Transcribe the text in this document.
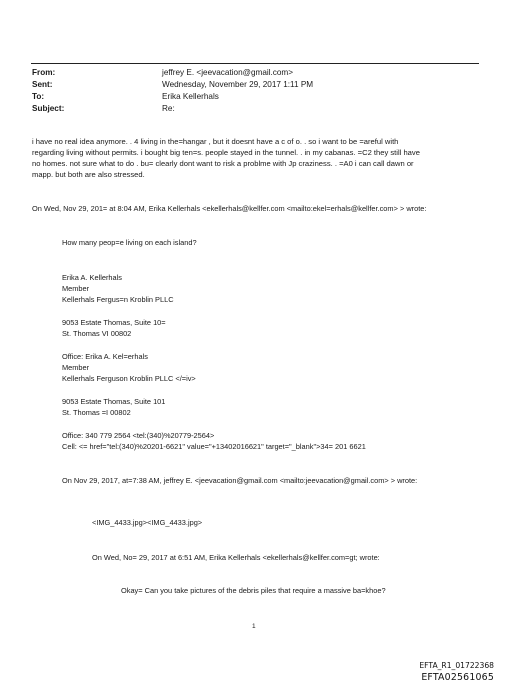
From:	jeffrey E. <jeevacation@gmail.com>
Sent:	Wednesday, November 29, 2017 1:11 PM
To:	Erika Kellerhals
Subject:	Re:
i have no real idea anymore. . 4 living in the=hangar , but it doesnt have a c of o. . so i want to be =areful with
regarding living without permits. i bought big ten=s. people stayed in the tunnel. . in my cabanas. =C2 they still have
no homes. not sure what to do . bu= clearly dont want to risk a problme with Jp craziness. . =A0 i can call dawn or
mapp. but both are also stressed.
On Wed, Nov 29, 201= at 8:04 AM, Erika Kellerhals <ekellerhals@kellfer.com <mailto:ekel=erhals@kellfer.com> > wrote:
How many peop=e living on each island?
Erika A. Kellerhals
Member
Kellerhals Fergus=n Kroblin PLLC
9053 Estate Thomas, Suite 10=
St. Thomas VI 00802
Office: Erika A. Kel=erhals
Member
Kellerhals Ferguson Kroblin PLLC </=iv>
9053 Estate Thomas, Suite 101
St. Thomas =I 00802
Office: 340 779 2564 <tel:(340)%20779-2564>
Cell: <= href="tel:(340)%20201-6621" value="+13402016621" target="_blank">34= 201 6621
On Nov 29, 2017, at=7:38 AM, jeffrey E. <jeevacation@gmail.com <mailto:jeevacation@gmail.com> > wrote:
<IMG_4433.jpg><IMG_4433.jpg>
On Wed, No= 29, 2017 at 6:51 AM, Erika Kellerhals <ekellerhals@kellfer.com=gt; wrote:
Okay= Can you take pictures of the debris piles that require a massive ba=khoe?
1
EFTA_R1_01722368
EFTA02561065
